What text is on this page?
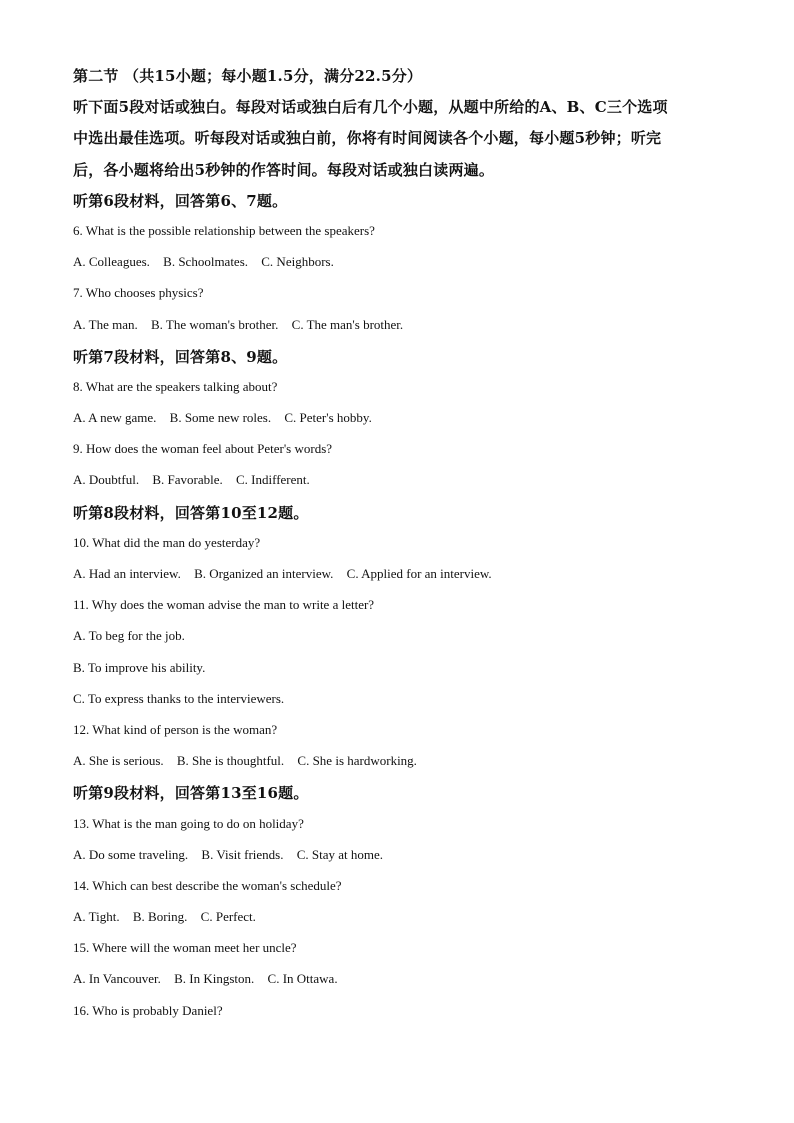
第二节 （共15小题；每小题1.5分，满分22.5分）
听下面5段对话或独白。每段对话或独白后有几个小题，从题中所给的A、B、C三个选项
中选出最佳选项。听每段对话或独白前，你将有时间阅读各个小题，每小题5秒钟；听完
后，各小题将给出5秒钟的作答时间。每段对话或独白读两遍。
听第6段材料，回答第6、7题。
6. What is the possible relationship between the speakers?
A. Colleagues. B. Schoolmates. C. Neighbors.
7. Who chooses physics?
A. The man. B. The woman's brother. C. The man's brother.
听第7段材料，回答第8、9题。
8. What are the speakers talking about?
A. A new game. B. Some new roles. C. Peter's hobby.
9. How does the woman feel about Peter's words?
A. Doubtful. B. Favorable. C. Indifferent.
听第8段材料，回答第10至12题。
10. What did the man do yesterday?
A. Had an interview. B. Organized an interview. C. Applied for an interview.
11. Why does the woman advise the man to write a letter?
A. To beg for the job.
B. To improve his ability.
C. To express thanks to the interviewers.
12. What kind of person is the woman?
A. She is serious. B. She is thoughtful. C. She is hardworking.
听第9段材料，回答第13至16题。
13. What is the man going to do on holiday?
A. Do some traveling. B. Visit friends. C. Stay at home.
14. Which can best describe the woman's schedule?
A. Tight. B. Boring. C. Perfect.
15. Where will the woman meet her uncle?
A. In Vancouver. B. In Kingston. C. In Ottawa.
16. Who is probably Daniel?
